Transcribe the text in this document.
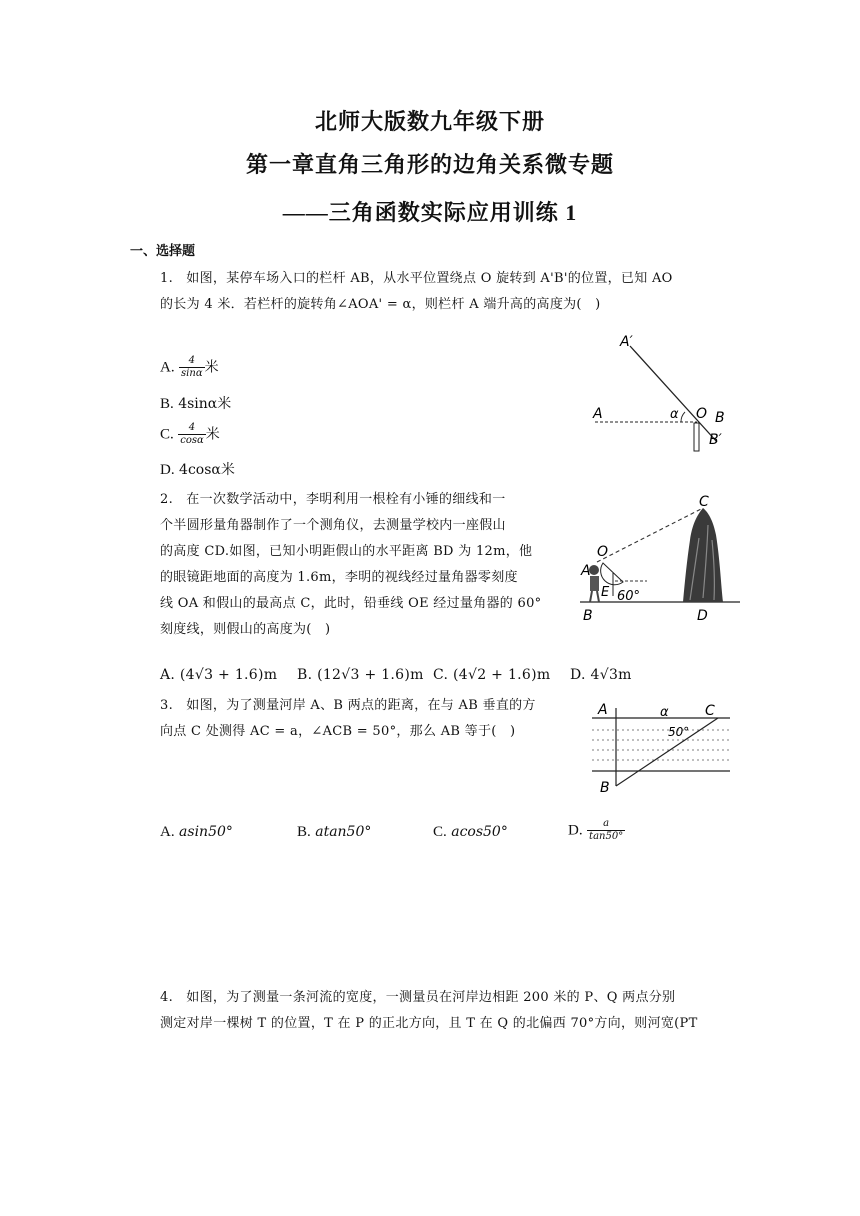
北师大版数九年级下册
第一章直角三角形的边角关系微专题
——三角函数实际应用训练 1
一、选择题
1.　如图，某停车场入口的栏杆 AB，从水平位置绕点 O 旋转到 A'B'的位置，已知 AO
的长为 4 米．若栏杆的旋转角∠AOA' = α，则栏杆 A 端升高的高度为(　)
A. $\frac{4}{\sin\alpha}$ 米
B. 4sinα米
C. $\frac{4}{\cos\alpha}$ 米
D. 4cosα米
A′
A	α O B
B′
2.　在一次数学活动中，李明利用一根栓有小锤的细线和一
个半圆形量角器制作了一个测角仪，去测量学校内一座假山
的高度 CD.如图，已知小明距假山的水平距离 BD 为 12m，他
的眼镜距地面的高度为 1.6m，李明的视线经过量角器零刻度
线 OA 和假山的最高点 C，此时，铅垂线 OE 经过量角器的 60°
刻度线，则假山的高度为(　)
A. (4√3 + 1.6)m B. (12√3 + 1.6)m C. (4√2 + 1.6)m D. 4√3m
C
O
A
E 60°
B	D
3.　如图，为了测量河岸 A、B 两点的距离，在与 AB 垂直的方
向点 C 处测得 AC = a，∠ACB = 50°，那么 AB 等于(　)
A	α	C
50°
B
A. asin50°	B. atan50°	C. acos50°	D. $\frac{a}{\tan 50^\circ}$
4.　如图，为了测量一条河流的宽度，一测量员在河岸边相距 200 米的 P、Q 两点分别
测定对岸一棵树 T 的位置，T 在 P 的正北方向，且 T 在 Q 的北偏西 70°方向，则河宽(PT
